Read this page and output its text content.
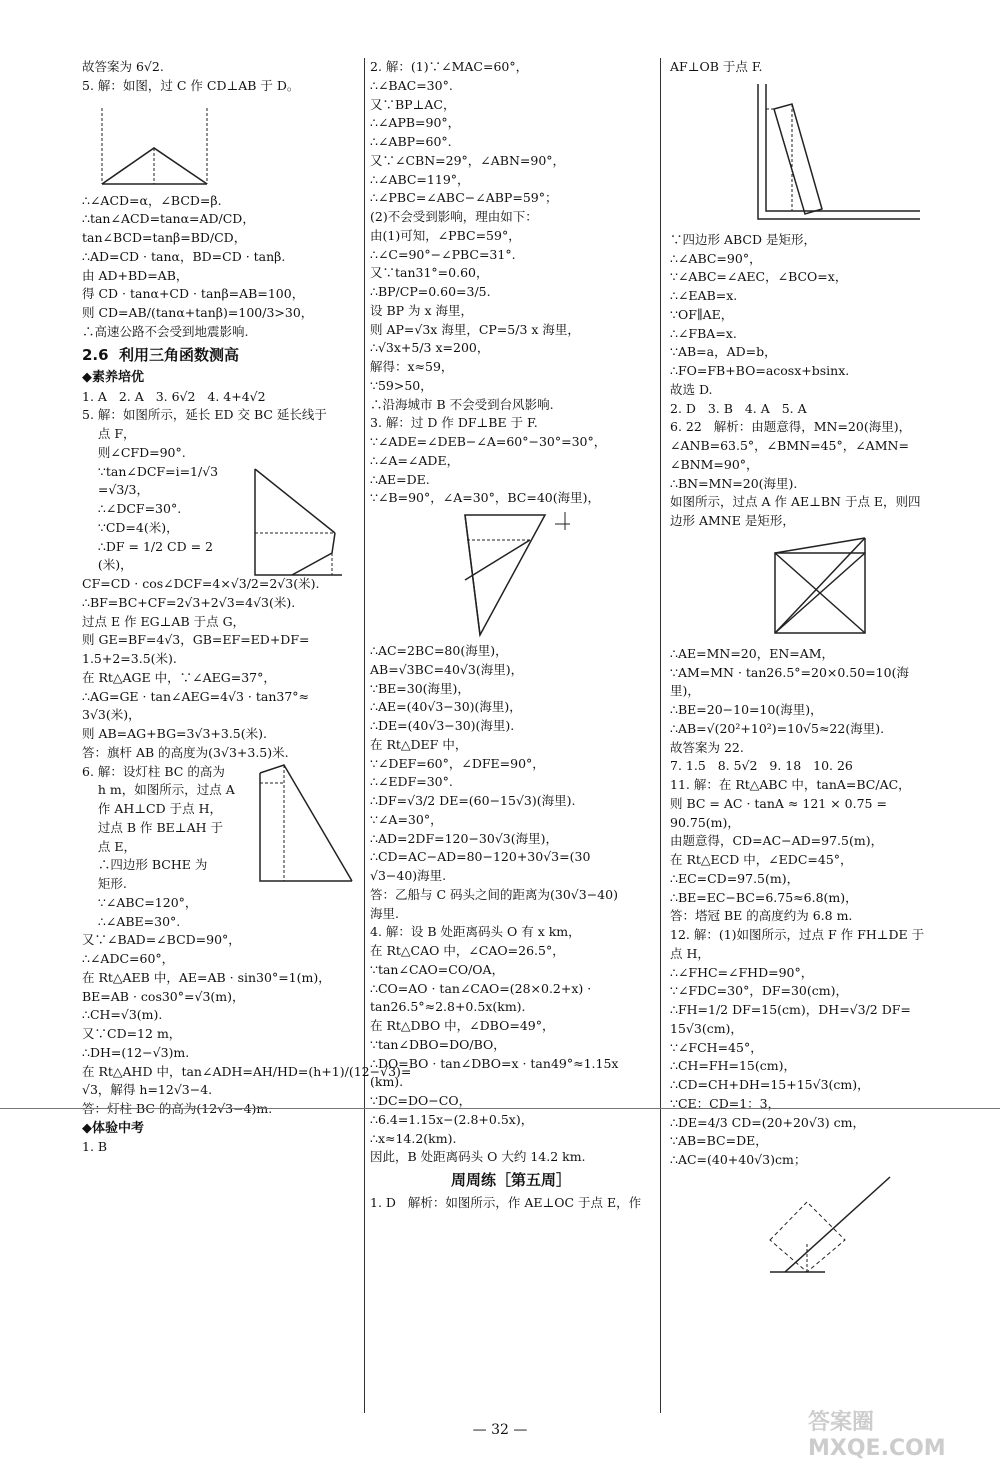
故答案为 6√2.
5. 解：如图，过 C 作 CD⊥AB 于 D。
∴∠ACD=α，∠BCD=β.
∴tan∠ACD=tanα=AD/CD，
tan∠BCD=tanβ=BD/CD，
∴AD=CD · tanα，BD=CD · tanβ.
由 AD+BD=AB，
得 CD · tanα+CD · tanβ=AB=100，
则 CD=AB/(tanα+tanβ)=100/3>30，
∴高速公路不会受到地震影响.
2.6  利用三角函数测高
◆素养培优
1. A   2. A   3. 6√2   4. 4+4√2
5. 解：如图所示，延长 ED 交 BC 延长线于
点 F，
则∠CFD=90°.
∵tan∠DCF=i=1/√3
=√3/3，
∴∠DCF=30°.
∵CD=4(米)，
∴DF = 1/2 CD = 2
(米)，
CF=CD · cos∠DCF=4×√3/2=2√3(米).
∴BF=BC+CF=2√3+2√3=4√3(米).
过点 E 作 EG⊥AB 于点 G，
则 GE=BF=4√3，GB=EF=ED+DF=
1.5+2=3.5(米).
在 Rt△AGE 中，∵∠AEG=37°，
∴AG=GE · tan∠AEG=4√3 · tan37°≈
3√3(米)，
则 AB=AG+BG=3√3+3.5(米).
答：旗杆 AB 的高度为(3√3+3.5)米.
6. 解：设灯柱 BC 的高为
h m，如图所示，过点 A
作 AH⊥CD 于点 H，
过点 B 作 BE⊥AH 于
点 E，
∴四边形 BCHE 为
矩形.
∵∠ABC=120°，
∴∠ABE=30°.
又∵∠BAD=∠BCD=90°，
∴∠ADC=60°，
在 Rt△AEB 中，AE=AB · sin30°=1(m)，
BE=AB · cos30°=√3(m)，
∴CH=√3(m).
又∵CD=12 m，
∴DH=(12−√3)m.
在 Rt△AHD 中，tan∠ADH=AH/HD=(h+1)/(12−√3)=
√3，解得 h=12√3−4.
答：灯柱 BC 的高为(12√3−4)m.
◆体验中考
1. B
2. 解：(1)∵∠MAC=60°，
∴∠BAC=30°.
又∵BP⊥AC，
∴∠APB=90°，
∴∠ABP=60°.
又∵∠CBN=29°，∠ABN=90°，
∴∠ABC=119°，
∴∠PBC=∠ABC−∠ABP=59°；
(2)不会受到影响，理由如下：
由(1)可知，∠PBC=59°，
∴∠C=90°−∠PBC=31°.
又∵tan31°=0.60，
∴BP/CP=0.60=3/5.
设 BP 为 x 海里，
则 AP=√3x 海里，CP=5/3 x 海里，
∴√3x+5/3 x=200，
解得：x≈59，
∵59>50，
∴沿海城市 B 不会受到台风影响.
3. 解：过 D 作 DF⊥BE 于 F.
∵∠ADE=∠DEB−∠A=60°−30°=30°，
∴∠A=∠ADE，
∴AE=DE.
∵∠B=90°，∠A=30°，BC=40(海里)，
∴AC=2BC=80(海里)，
AB=√3BC=40√3(海里)，
∵BE=30(海里)，
∴AE=(40√3−30)(海里)，
∴DE=(40√3−30)(海里).
在 Rt△DEF 中，
∵∠DEF=60°，∠DFE=90°，
∴∠EDF=30°.
∴DF=√3/2 DE=(60−15√3)(海里).
∵∠A=30°，
∴AD=2DF=120−30√3(海里)，
∴CD=AC−AD=80−120+30√3=(30
√3−40)海里.
答：乙船与 C 码头之间的距离为(30√3−40)
海里.
4. 解：设 B 处距离码头 O 有 x km，
在 Rt△CAO 中，∠CAO=26.5°，
∵tan∠CAO=CO/OA，
∴CO=AO · tan∠CAO=(28×0.2+x) ·
tan26.5°≈2.8+0.5x(km).
在 Rt△DBO 中，∠DBO=49°，
∵tan∠DBO=DO/BO，
∴DO=BO · tan∠DBO=x · tan49°≈1.15x
(km).
∵DC=DO−CO，
∴6.4=1.15x−(2.8+0.5x)，
∴x≈14.2(km).
因此，B 处距离码头 O 大约 14.2 km.
周周练［第五周］
1. D   解析：如图所示，作 AE⊥OC 于点 E，作
AF⊥OB 于点 F.
∵四边形 ABCD 是矩形，
∴∠ABC=90°，
∵∠ABC=∠AEC，∠BCO=x，
∴∠EAB=x.
∵OF∥AE，
∴∠FBA=x.
∵AB=a，AD=b，
∴FO=FB+BO=acosx+bsinx.
故选 D.
2. D   3. B   4. A   5. A
6. 22   解析：由题意得，MN=20(海里)，
∠ANB=63.5°，∠BMN=45°，∠AMN=
∠BNM=90°，
∴BN=MN=20(海里).
如图所示，过点 A 作 AE⊥BN 于点 E，则四
边形 AMNE 是矩形，
∴AE=MN=20，EN=AM，
∵AM=MN · tan26.5°=20×0.50=10(海
里)，
∴BE=20−10=10(海里)，
∴AB=√(20²+10²)=10√5≈22(海里).
故答案为 22.
7. 1.5   8. 5√2   9. 18   10. 26
11. 解：在 Rt△ABC 中，tanA=BC/AC，
则 BC = AC · tanA ≈ 121 × 0.75 =
90.75(m)，
由题意得，CD=AC−AD=97.5(m)，
在 Rt△ECD 中，∠EDC=45°，
∴EC=CD=97.5(m)，
∴BE=EC−BC=6.75≈6.8(m)，
答：塔冠 BE 的高度约为 6.8 m.
12. 解：(1)如图所示，过点 F 作 FH⊥DE 于
点 H，
∴∠FHC=∠FHD=90°，
∵∠FDC=30°，DF=30(cm)，
∴FH=1/2 DF=15(cm)，DH=√3/2 DF=
15√3(cm)，
∵∠FCH=45°，
∴CH=FH=15(cm)，
∴CD=CH+DH=15+15√3(cm)，
∵CE：CD=1：3，
∴DE=4/3 CD=(20+20√3) cm，
∵AB=BC=DE，
∴AC=(40+40√3)cm；
— 32 —	答案圈 MXQE.COM
